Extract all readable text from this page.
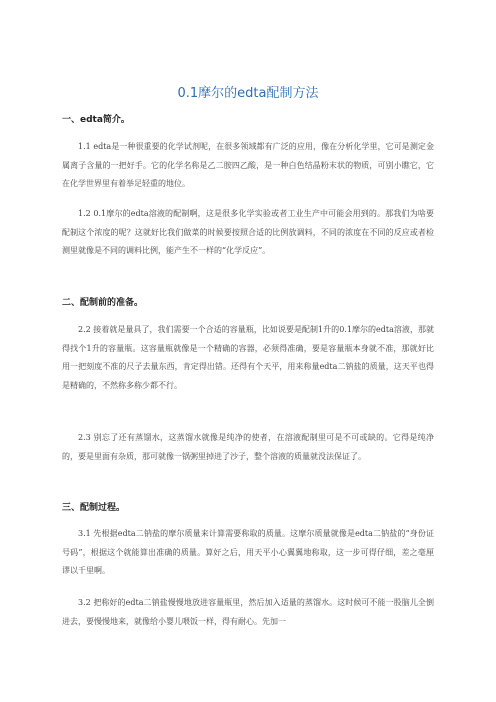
0.1摩尔的edta配制方法
一、edta简介。

1.1 edta是一种很重要的化学试剂呢，在很多领域都有广泛的应用，像在分析化学里，它可是测定金属离子含量的一把好手。它的化学名称是乙二胺四乙酸，是一种白色结晶粉末状的物质，可别小瞧它，它在化学世界里有着举足轻重的地位。

1.2 0.1摩尔的edta溶液的配制啊，这是很多化学实验或者工业生产中可能会用到的。那我们为啥要配制这个浓度的呢？这就好比我们做菜的时候要按照合适的比例放调料，不同的浓度在不同的反应或者检测里就像是不同的调料比例，能产生不一样的“化学反应”。

二、配制前的准备。

2.2 接着就是量具了，我们需要一个合适的容量瓶，比如说要是配制1升的0.1摩尔的edta溶液，那就得找个1升的容量瓶。这容量瓶就像是一个精确的容器，必须得准确，要是容量瓶本身就不准，那就好比用一把刻度不准的尺子去量东西，肯定得出错。还得有个天平，用来称量edta二钠盐的质量，这天平也得是精确的，不然称多称少都不行。

2.3 别忘了还有蒸馏水，这蒸馏水就像是纯净的使者，在溶液配制里可是不可或缺的。它得是纯净的，要是里面有杂质，那可就像一锅粥里掉进了沙子，整个溶液的质量就没法保证了。

三、配制过程。

3.1 先根据edta二钠盐的摩尔质量来计算需要称取的质量。这摩尔质量就像是edta二钠盐的“身份证号码”，根据这个就能算出准确的质量。算好之后，用天平小心翼翼地称取，这一步可得仔细，差之毫厘谬以千里啊。

3.2 把称好的edta二钠盐慢慢地放进容量瓶里，然后加入适量的蒸馏水。这时候可不能一股脑儿全倒进去，要慢慢地来，就像给小婴儿喂饭一样，得有耐心。先加一
